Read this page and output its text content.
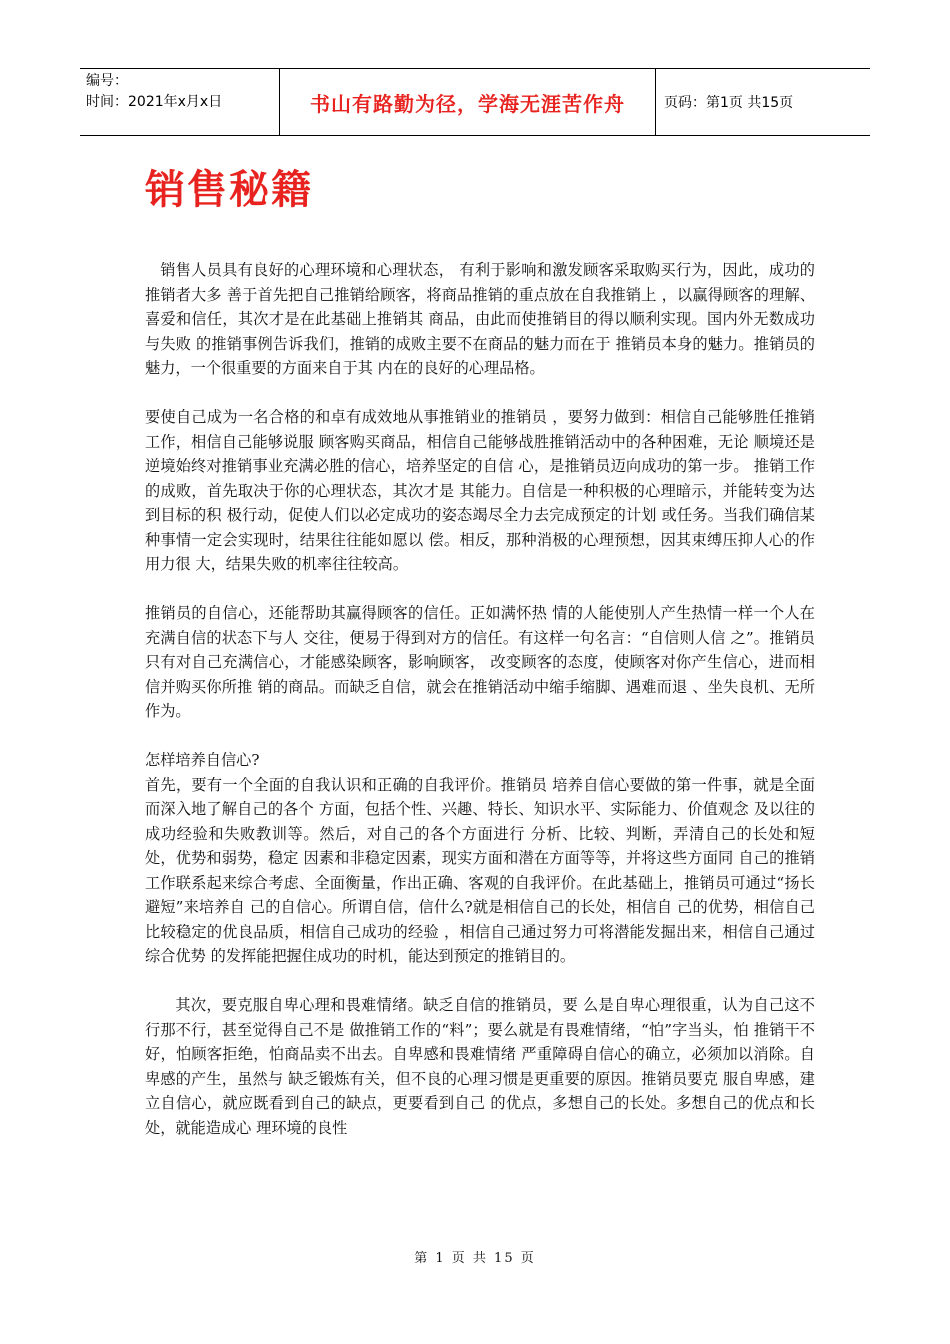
编号：
时间：2021年x月x日	书山有路勤为径，学海无涯苦作舟	页码：第1页 共15页
销售秘籍

销售人员具有良好的心理环境和心理状态， 有利于影响和激发顾客采取购买行为，因此，成功的推销者大多 善于首先把自己推销给顾客，将商品推销的重点放在自我推销上 ，以赢得顾客的理解、喜爱和信任，其次才是在此基础上推销其 商品，由此而使推销目的得以顺利实现。国内外无数成功与失败 的推销事例告诉我们，推销的成败主要不在商品的魅力而在于 推销员本身的魅力。推销员的魅力，一个很重要的方面来自于其 内在的良好的心理品格。

要使自己成为一名合格的和卓有成效地从事推销业的推销员 ，要努力做到：相信自己能够胜任推销工作，相信自己能够说服 顾客购买商品，相信自己能够战胜推销活动中的各种困难，无论 顺境还是逆境始终对推销事业充满必胜的信心，培养坚定的自信 心，是推销员迈向成功的第一步。 推销工作的成败，首先取决于你的心理状态，其次才是 其能力。自信是一种积极的心理暗示，并能转变为达到目标的积 极行动，促使人们以必定成功的姿态竭尽全力去完成预定的计划 或任务。当我们确信某种事情一定会实现时，结果往往能如愿以 偿。相反，那种消极的心理预想，因其束缚压抑人心的作用力很 大，结果失败的机率往往较高。

推销员的自信心，还能帮助其赢得顾客的信任。正如满怀热 情的人能使别人产生热情一样一个人在充满自信的状态下与人 交往，便易于得到对方的信任。有这样一句名言：“自信则人信 之”。推销员只有对自己充满信心，才能感染顾客，影响顾客， 改变顾客的态度，使顾客对你产生信心，进而相信并购买你所推 销的商品。而缺乏自信，就会在推销活动中缩手缩脚、遇难而退 、坐失良机、无所作为。

怎样培养自信心?

首先，要有一个全面的自我认识和正确的自我评价。推销员 培养自信心要做的第一件事，就是全面而深入地了解自己的各个 方面，包括个性、兴趣、特长、知识水平、实际能力、价值观念 及以往的成功经验和失败教训等。然后，对自己的各个方面进行 分析、比较、判断，弄清自己的长处和短处，优势和弱势，稳定 因素和非稳定因素，现实方面和潜在方面等等，并将这些方面同 自己的推销工作联系起来综合考虑、全面衡量，作出正确、客观的自我评价。在此基础上，推销员可通过“扬长避短”来培养自 己的自信心。所谓自信，信什么?就是相信自己的长处，相信自 己的优势，相信自己比较稳定的优良品质，相信自己成功的经验 ，相信自己通过努力可将潜能发掘出来，相信自己通过综合优势 的发挥能把握住成功的时机，能达到预定的推销目的。

其次，要克服自卑心理和畏难情绪。缺乏自信的推销员，要 么是自卑心理很重，认为自己这不行那不行，甚至觉得自己不是 做推销工作的“料”；要么就是有畏难情绪，“怕”字当头，怕 推销干不好，怕顾客拒绝，怕商品卖不出去。自卑感和畏难情绪 严重障碍自信心的确立，必须加以消除。自卑感的产生，虽然与 缺乏锻炼有关，但不良的心理习惯是更重要的原因。推销员要克 服自卑感，建立自信心，就应既看到自己的缺点，更要看到自己 的优点，多想自己的长处。多想自己的优点和长处，就能造成心 理环境的良性

第 1 页 共 15 页
